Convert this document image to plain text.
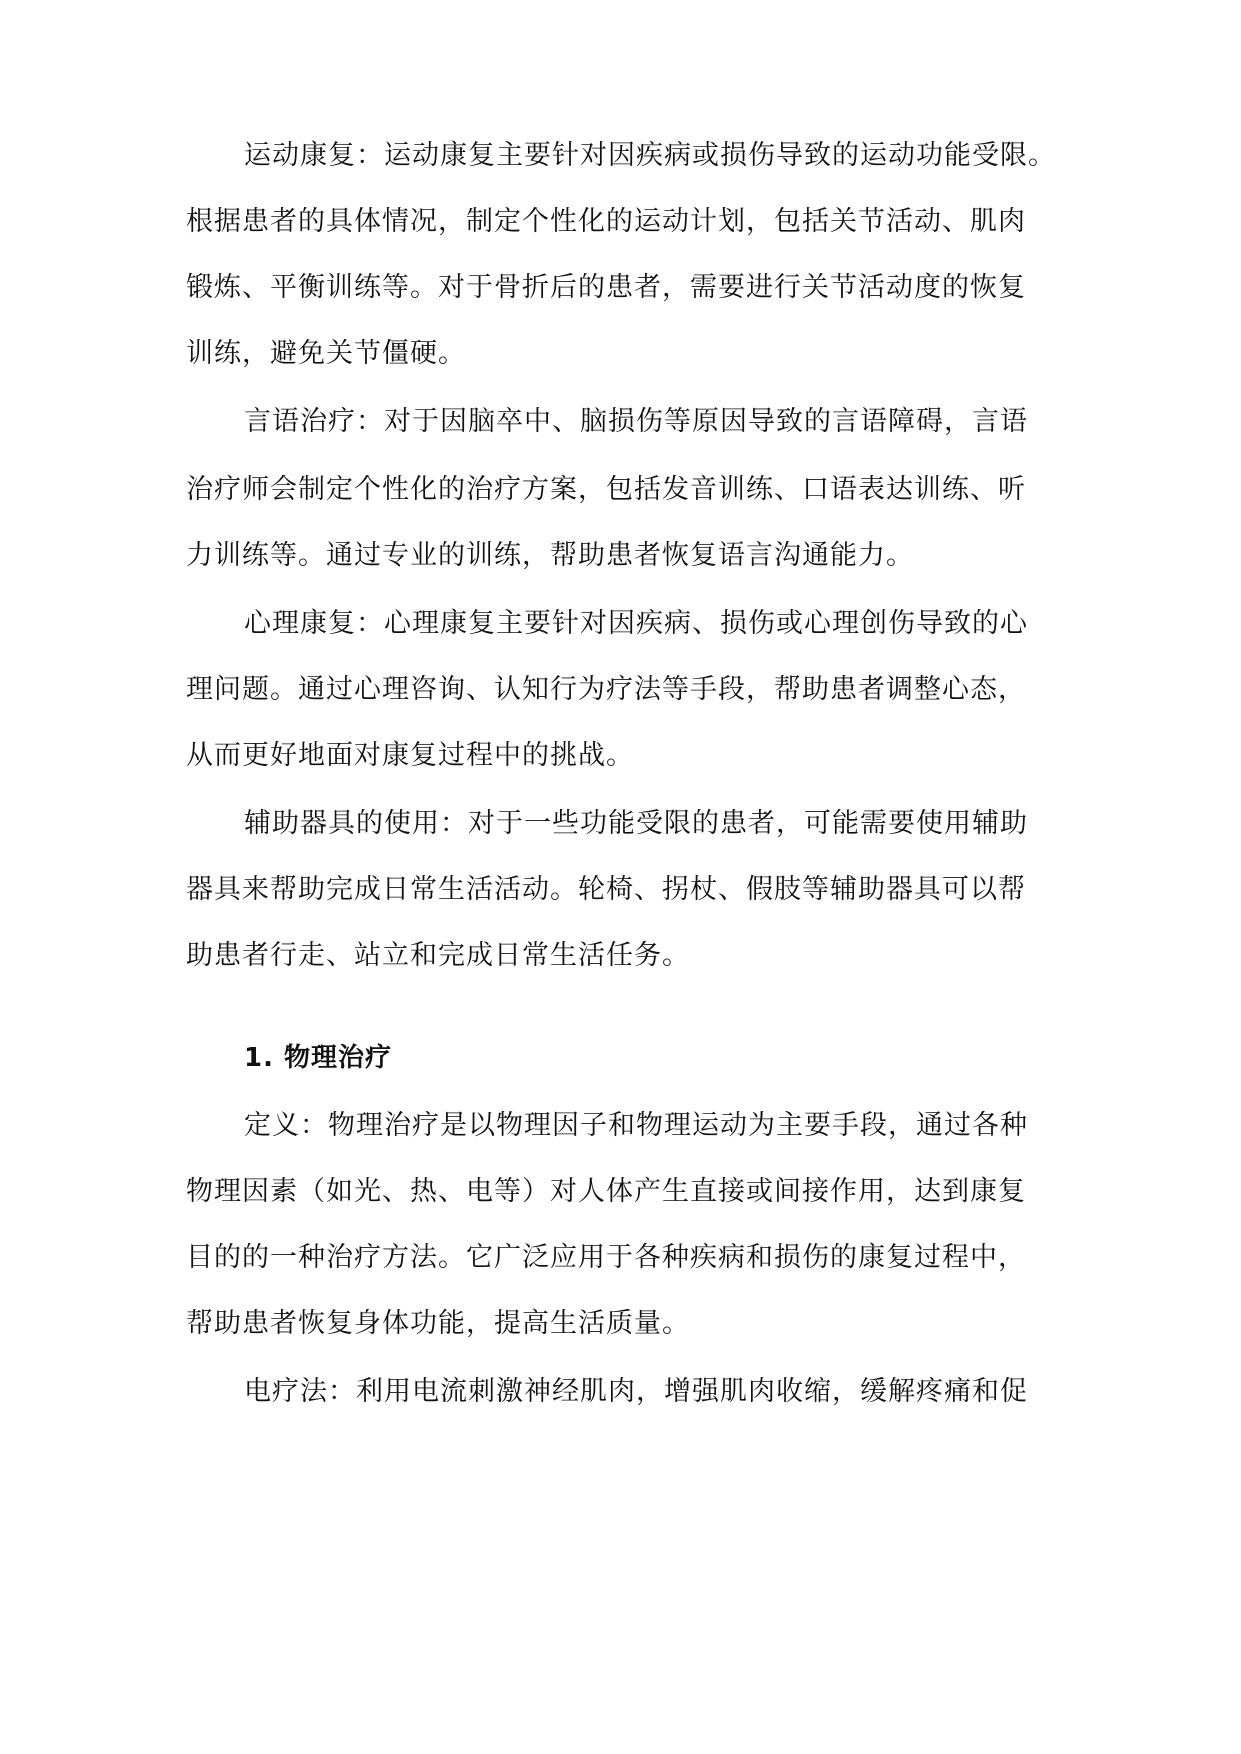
运动康复：运动康复主要针对因疾病或损伤导致的运动功能受限。
根据患者的具体情况，制定个性化的运动计划，包括关节活动、肌肉
锻炼、平衡训练等。对于骨折后的患者，需要进行关节活动度的恢复
训练，避免关节僵硬。
言语治疗：对于因脑卒中、脑损伤等原因导致的言语障碍，言语
治疗师会制定个性化的治疗方案，包括发音训练、口语表达训练、听
力训练等。通过专业的训练，帮助患者恢复语言沟通能力。
心理康复：心理康复主要针对因疾病、损伤或心理创伤导致的心
理问题。通过心理咨询、认知行为疗法等手段，帮助患者调整心态，
从而更好地面对康复过程中的挑战。
辅助器具的使用：对于一些功能受限的患者，可能需要使用辅助
器具来帮助完成日常生活活动。轮椅、拐杖、假肢等辅助器具可以帮
助患者行走、站立和完成日常生活任务。
1. 物理治疗
定义：物理治疗是以物理因子和物理运动为主要手段，通过各种
物理因素（如光、热、电等）对人体产生直接或间接作用，达到康复
目的的一种治疗方法。它广泛应用于各种疾病和损伤的康复过程中，
帮助患者恢复身体功能，提高生活质量。
电疗法：利用电流刺激神经肌肉，增强肌肉收缩，缓解疼痛和促
